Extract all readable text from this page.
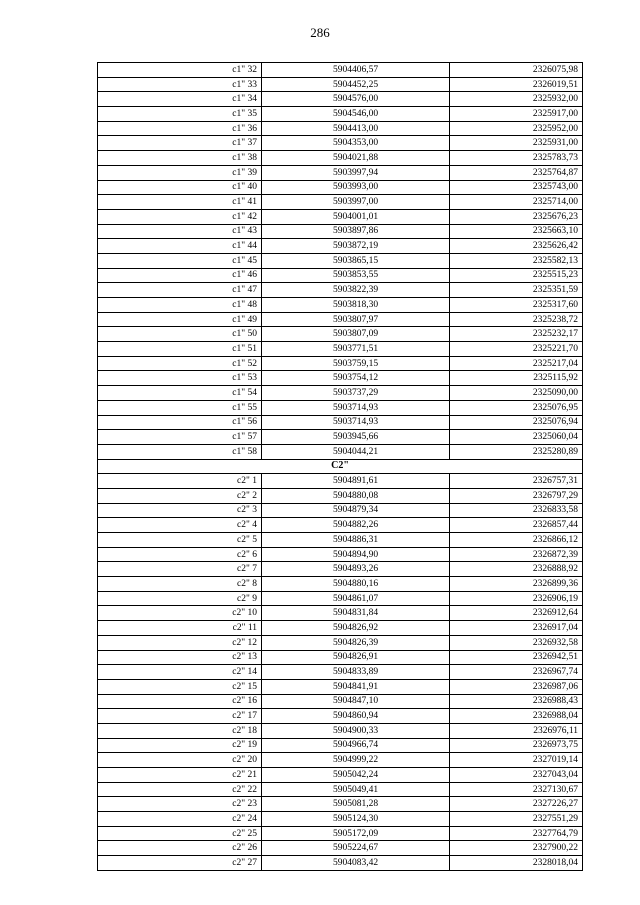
286
с1" 32	5904406,57	2326075,98
с1" 33	5904452,25	2326019,51
с1" 34	5904576,00	2325932,00
с1" 35	5904546,00	2325917,00
с1" 36	5904413,00	2325952,00
с1" 37	5904353,00	2325931,00
с1" 38	5904021,88	2325783,73
с1" 39	5903997,94	2325764,87
с1" 40	5903993,00	2325743,00
с1" 41	5903997,00	2325714,00
с1" 42	5904001,01	2325676,23
с1" 43	5903897,86	2325663,10
с1" 44	5903872,19	2325626,42
с1" 45	5903865,15	2325582,13
с1" 46	5903853,55	2325515,23
с1" 47	5903822,39	2325351,59
с1" 48	5903818,30	2325317,60
с1" 49	5903807,97	2325238,72
с1" 50	5903807,09	2325232,17
с1" 51	5903771,51	2325221,70
с1" 52	5903759,15	2325217,04
с1" 53	5903754,12	2325115,92
с1" 54	5903737,29	2325090,00
с1" 55	5903714,93	2325076,95
с1" 56	5903714,93	2325076,94
с1" 57	5903945,66	2325060,04
с1" 58	5904044,21	2325280,89
С2"		
с2" 1	5904891,61	2326757,31
с2" 2	5904880,08	2326797,29
с2" 3	5904879,34	2326833,58
с2" 4	5904882,26	2326857,44
с2" 5	5904886,31	2326866,12
с2" 6	5904894,90	2326872,39
с2" 7	5904893,26	2326888,92
с2" 8	5904880,16	2326899,36
с2" 9	5904861,07	2326906,19
с2" 10	5904831,84	2326912,64
с2" 11	5904826,92	2326917,04
с2" 12	5904826,39	2326932,58
с2" 13	5904826,91	2326942,51
с2" 14	5904833,89	2326967,74
с2" 15	5904841,91	2326987,06
с2" 16	5904847,10	2326988,43
с2" 17	5904860,94	2326988,04
с2" 18	5904900,33	2326976,11
с2" 19	5904966,74	2326973,75
с2" 20	5904999,22	2327019,14
с2" 21	5905042,24	2327043,04
с2" 22	5905049,41	2327130,67
с2" 23	5905081,28	2327226,27
с2" 24	5905124,30	2327551,29
с2" 25	5905172,09	2327764,79
с2" 26	5905224,67	2327900,22
с2" 27	5904083,42	2328018,04
